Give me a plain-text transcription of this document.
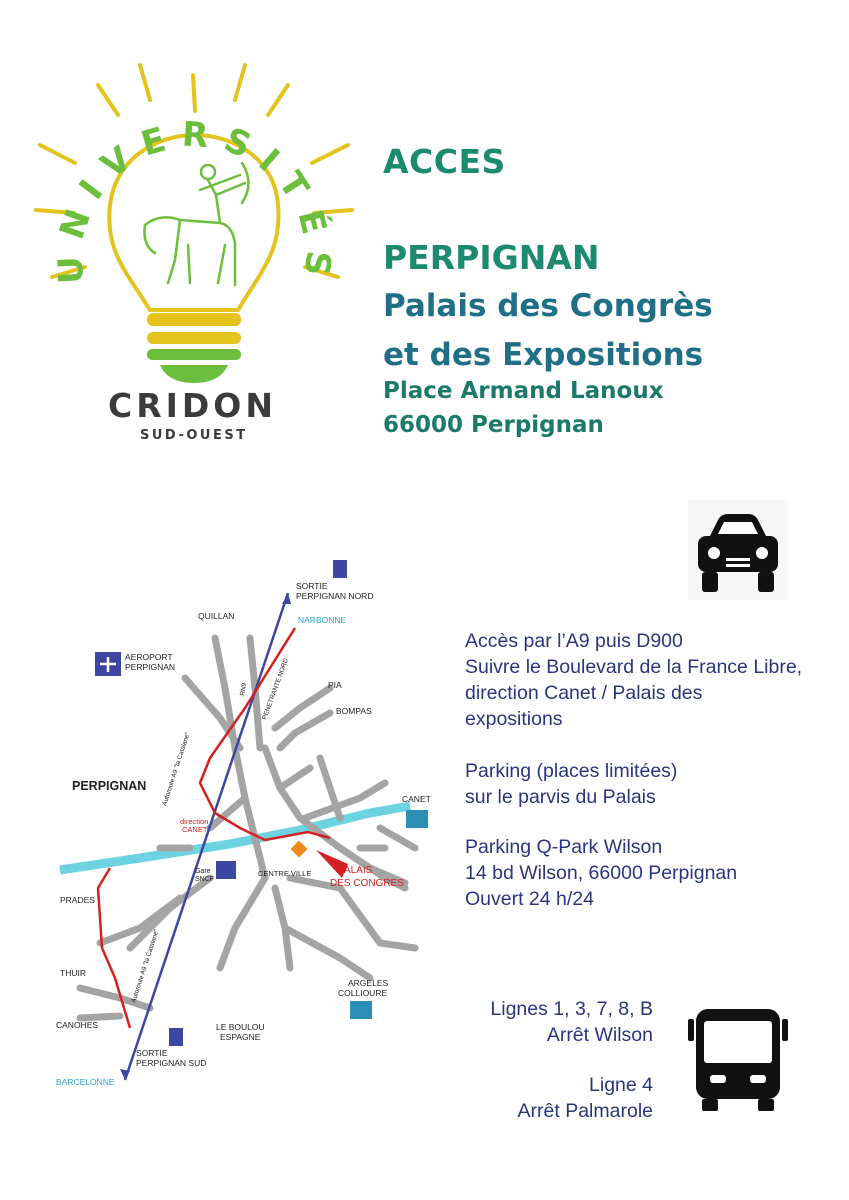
UNIVERSITÉS
CRIDON
SUD-OUEST
ACCES
PERPIGNAN
Palais des Congrès
et des Expositions
Place Armand Lanoux
66000 Perpignan
PERPIGNAN
SORTIE
PERPIGNAN NORD
NARBONNE
QUILLAN
AEROPORT
PERPIGNAN
PIA
BOMPAS
CANET
direction
CANET
Gare
SNCF
CENTRE VILLE	PALAIS
DES CONGRES
PRADES
THUIR
CANOHES
ARGELES
COLLIOURE
LE BOULOU
ESPAGNE
SORTIE
PERPIGNAN SUD
BARCELONNE
Autoroute A9 "la Catalane"
Autoroute A9 "la Catalane"
RN9 PENETRANTE NORD
Accès par l’A9 puis D900
Suivre le Boulevard de la France Libre,
direction Canet / Palais des
expositions
Parking (places limitées)
sur le parvis du Palais
Parking Q-Park Wilson
14 bd Wilson, 66000 Perpignan
Ouvert 24 h/24
Lignes 1, 3, 7, 8, B
Arrêt Wilson
Ligne 4
Arrêt Palmarole
